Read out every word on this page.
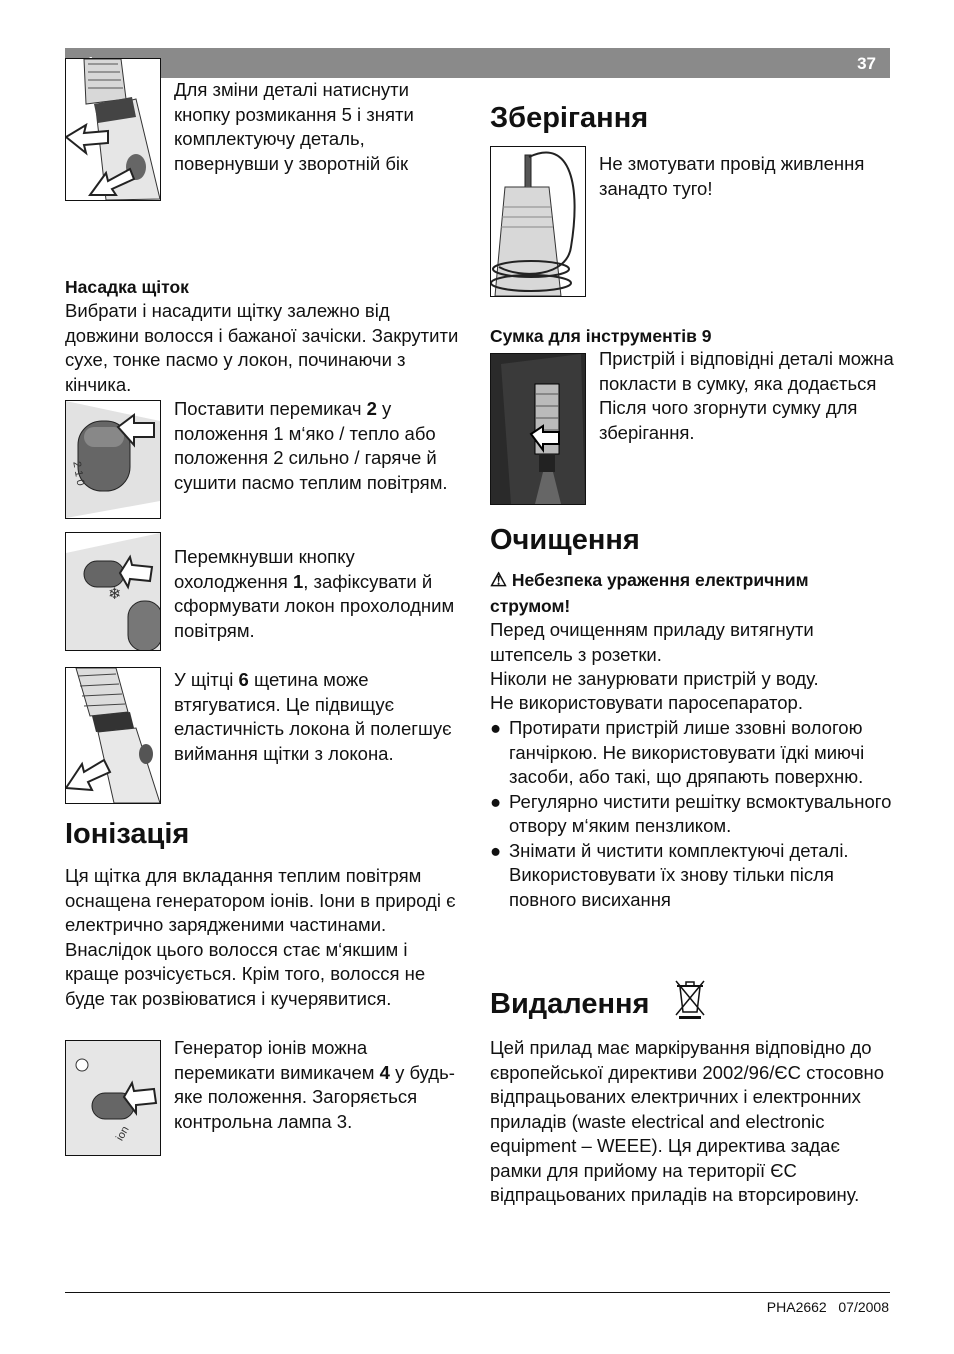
37
Для зміни деталі натиснути кнопку розмикання 5 і зняти комплектуючу деталь, повернувши у зворотній бік
Насадка щіток
Вибрати і насадити щітку залежно від довжини волосся і бажаної зачіски. Закрутити сухе, тонке пасмо у локон, починаючи з кінчика.
2 1 0
Поставити перемикач 2 у положення 1 м‘яко / тепло або положення 2 сильно / гаряче й сушити пасмо теплим повітрям.
❄
Перемкнувши кнопку охолодження 1, зафіксувати й сформувати локон прохолодним повітрям.
У щітці 6 щетина може втягуватися. Це підвищує еластичність локона й полегшує виймання щітки з локона.
Іонізація
Ця щітка для вкладання теплим повітрям оснащена генератором іонів. Іони в природі є електрично зарядженими частинами. Внаслідок цього волосся стає м‘якшим і краще розчісується. Крім того, волосся не буде так розвіюватися і кучерявитися.
ion
Генератор іонів можна перемикати вимикачем 4 у будь-яке положення. Загоряється контрольна лампа 3.
Зберігання
Не змотувати провід живлення занадто туго!
Сумка для інструментів 9
Пристрій і відповідні деталі можна покласти в сумку, яка додається Після чого згорнути сумку для зберігання.
Очищення
⚠ Небезпека ураження електричним струмом!
Перед очищенням приладу витягнути штепсель з розетки.
Ніколи не занурювати пристрій у воду.
Не використовувати паросепаратор.
● Протирати пристрій лише ззовні вологою ганчіркою. Не використовувати їдкі миючі засоби, або такі, що дряпають поверхню.
● Регулярно чистити решітку всмоктувального отвору м‘яким пензликом.
● Знімати й чистити комплектуючі деталі. Використовувати їх знову тільки після повного висихання
Видалення
Цей прилад має маркірування відповідно до європейської директиви 2002/96/ЄС стосовно відпрацьованих електричних і електронних приладів (waste electrical and electronic equipment – WEEE). Ця директива задає рамки для прийому на території ЄС відпрацьованих приладів на вторсировину.
PHA2662 07/2008
